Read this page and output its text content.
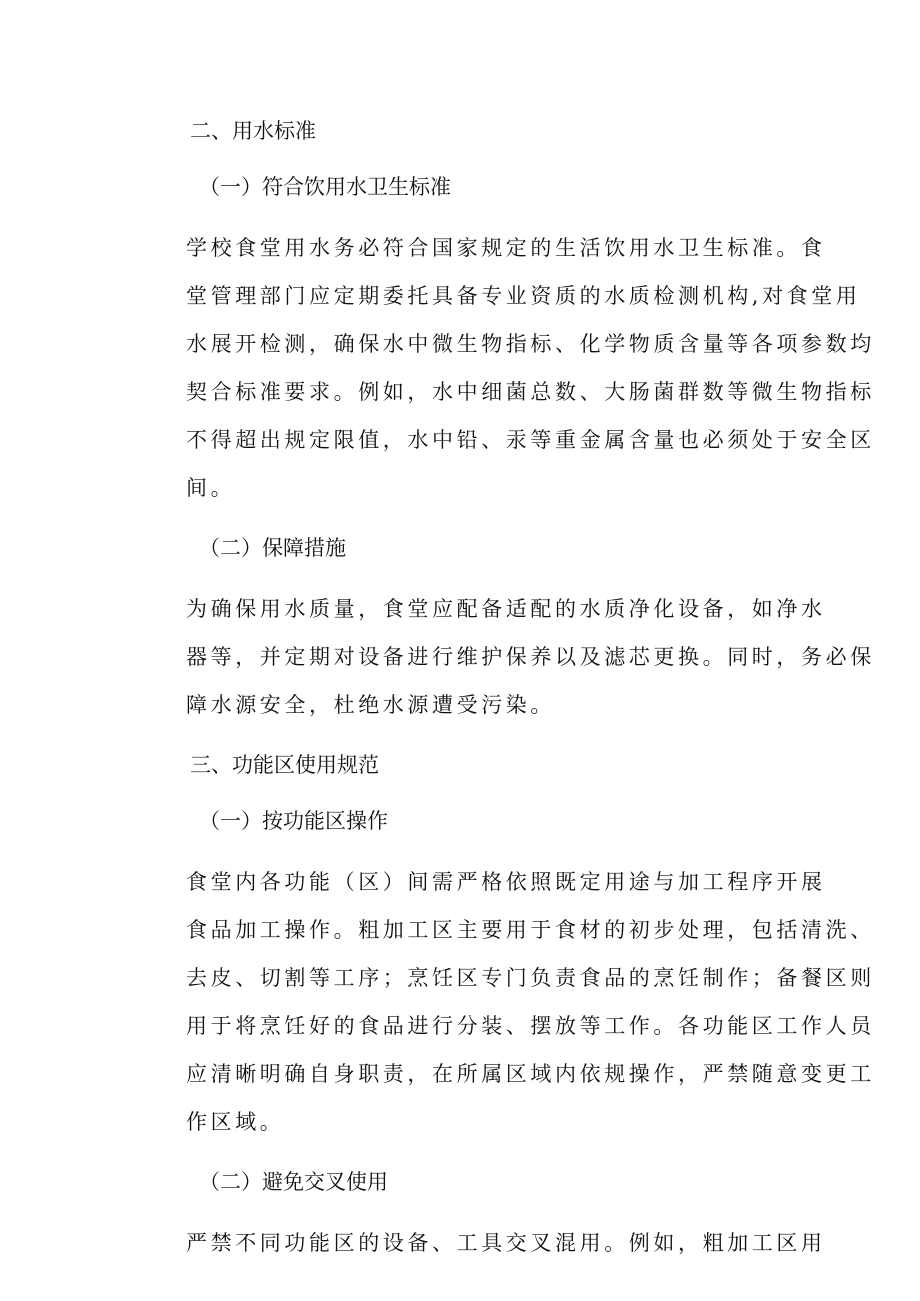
二、用水标准

（一）符合饮用水卫生标准

学校食堂用水务必符合国家规定的生活饮用水卫生标准。食
堂管理部门应定期委托具备专业资质的水质检测机构,对食堂用
水展开检测，确保水中微生物指标、化学物质含量等各项参数均
契合标准要求。例如，水中细菌总数、大肠菌群数等微生物指标
不得超出规定限值，水中铅、汞等重金属含量也必须处于安全区
间。

（二）保障措施

为确保用水质量，食堂应配备适配的水质净化设备，如净水
器等，并定期对设备进行维护保养以及滤芯更换。同时，务必保
障水源安全，杜绝水源遭受污染。

三、功能区使用规范

（一）按功能区操作

食堂内各功能（区）间需严格依照既定用途与加工程序开展
食品加工操作。粗加工区主要用于食材的初步处理，包括清洗、
去皮、切割等工序；烹饪区专门负责食品的烹饪制作；备餐区则
用于将烹饪好的食品进行分装、摆放等工作。各功能区工作人员
应清晰明确自身职责，在所属区域内依规操作，严禁随意变更工
作区域。

（二）避免交叉使用

严禁不同功能区的设备、工具交叉混用。例如，粗加工区用
